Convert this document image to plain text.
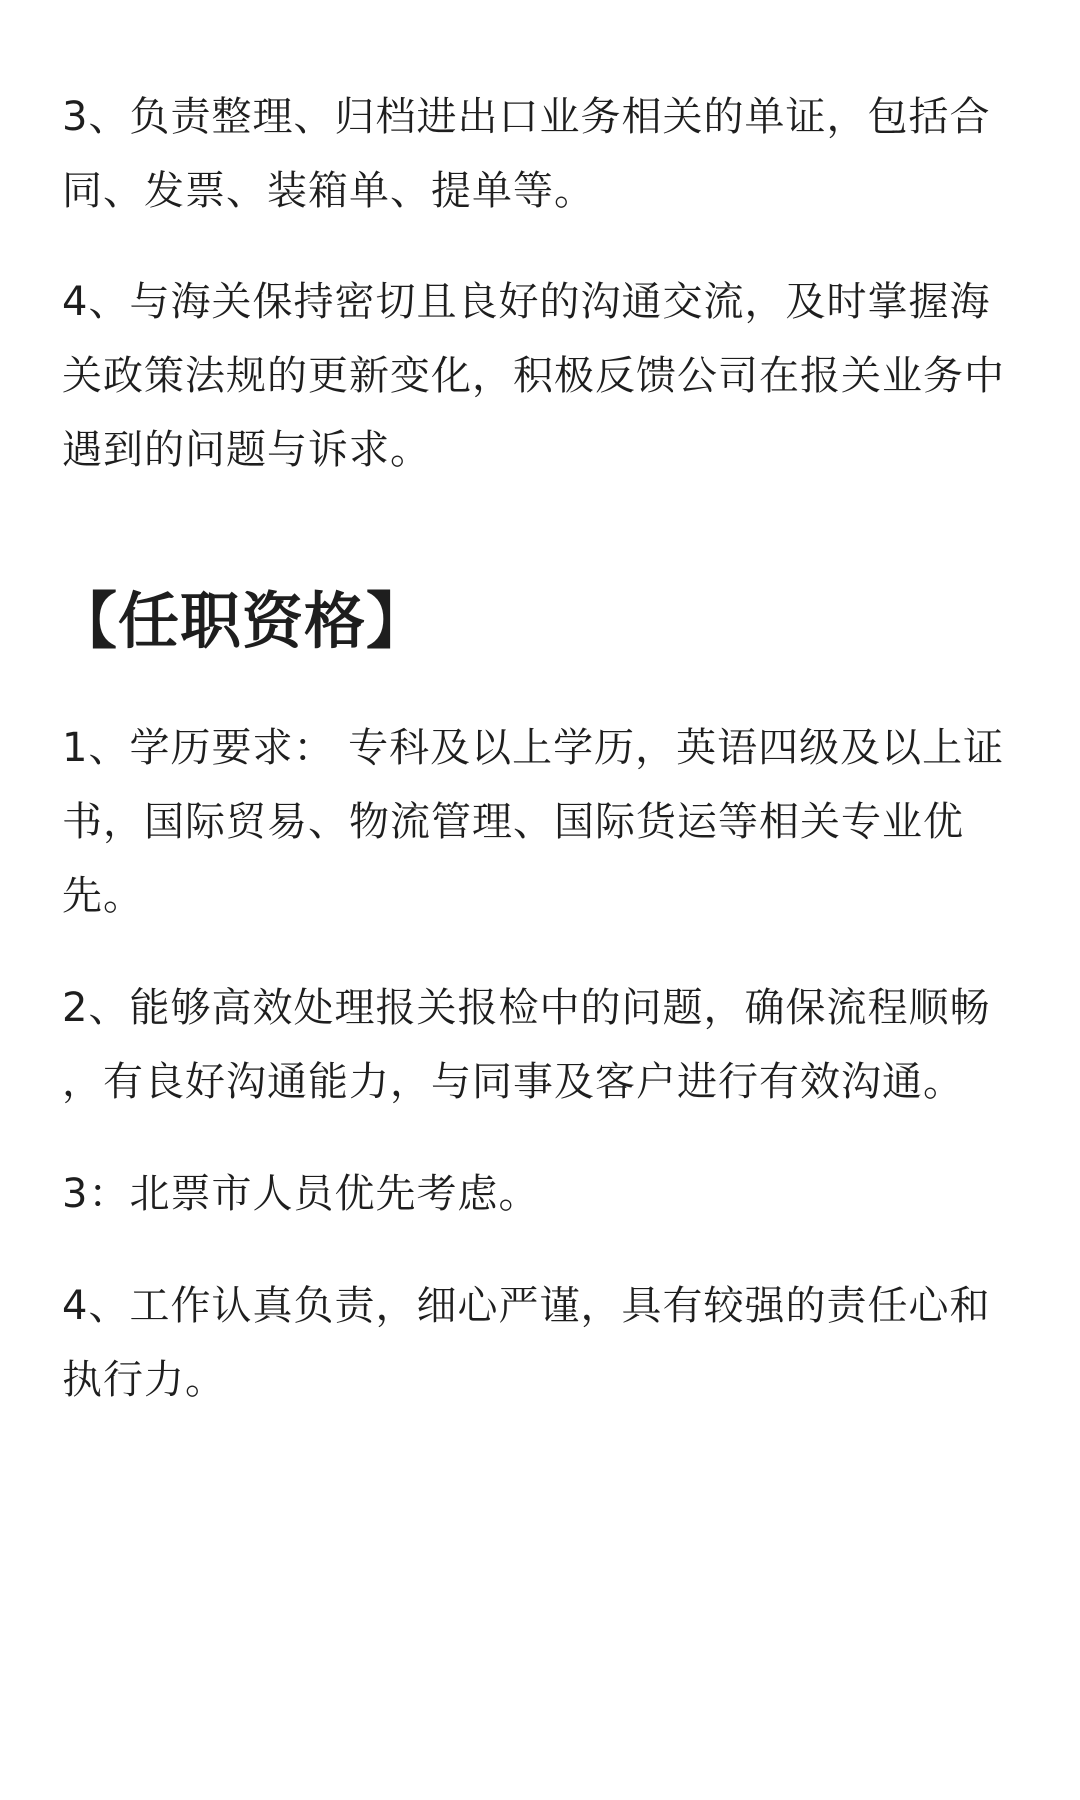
3、负责整理、归档进出口业务相关的单证，包括合同、发票、装箱单、提单等。

4、与海关保持密切且良好的沟通交流，及时掌握海关政策法规的更新变化，积极反馈公司在报关业务中遇到的问题与诉求。

【任职资格】

1、学历要求： 专科及以上学历，英语四级及以上证书，国际贸易、物流管理、国际货运等相关专业优先。

2、能够高效处理报关报检中的问题，确保流程顺畅 ，有良好沟通能力，与同事及客户进行有效沟通。

3：北票市人员优先考虑。

4、工作认真负责，细心严谨，具有较强的责任心和执行力。
